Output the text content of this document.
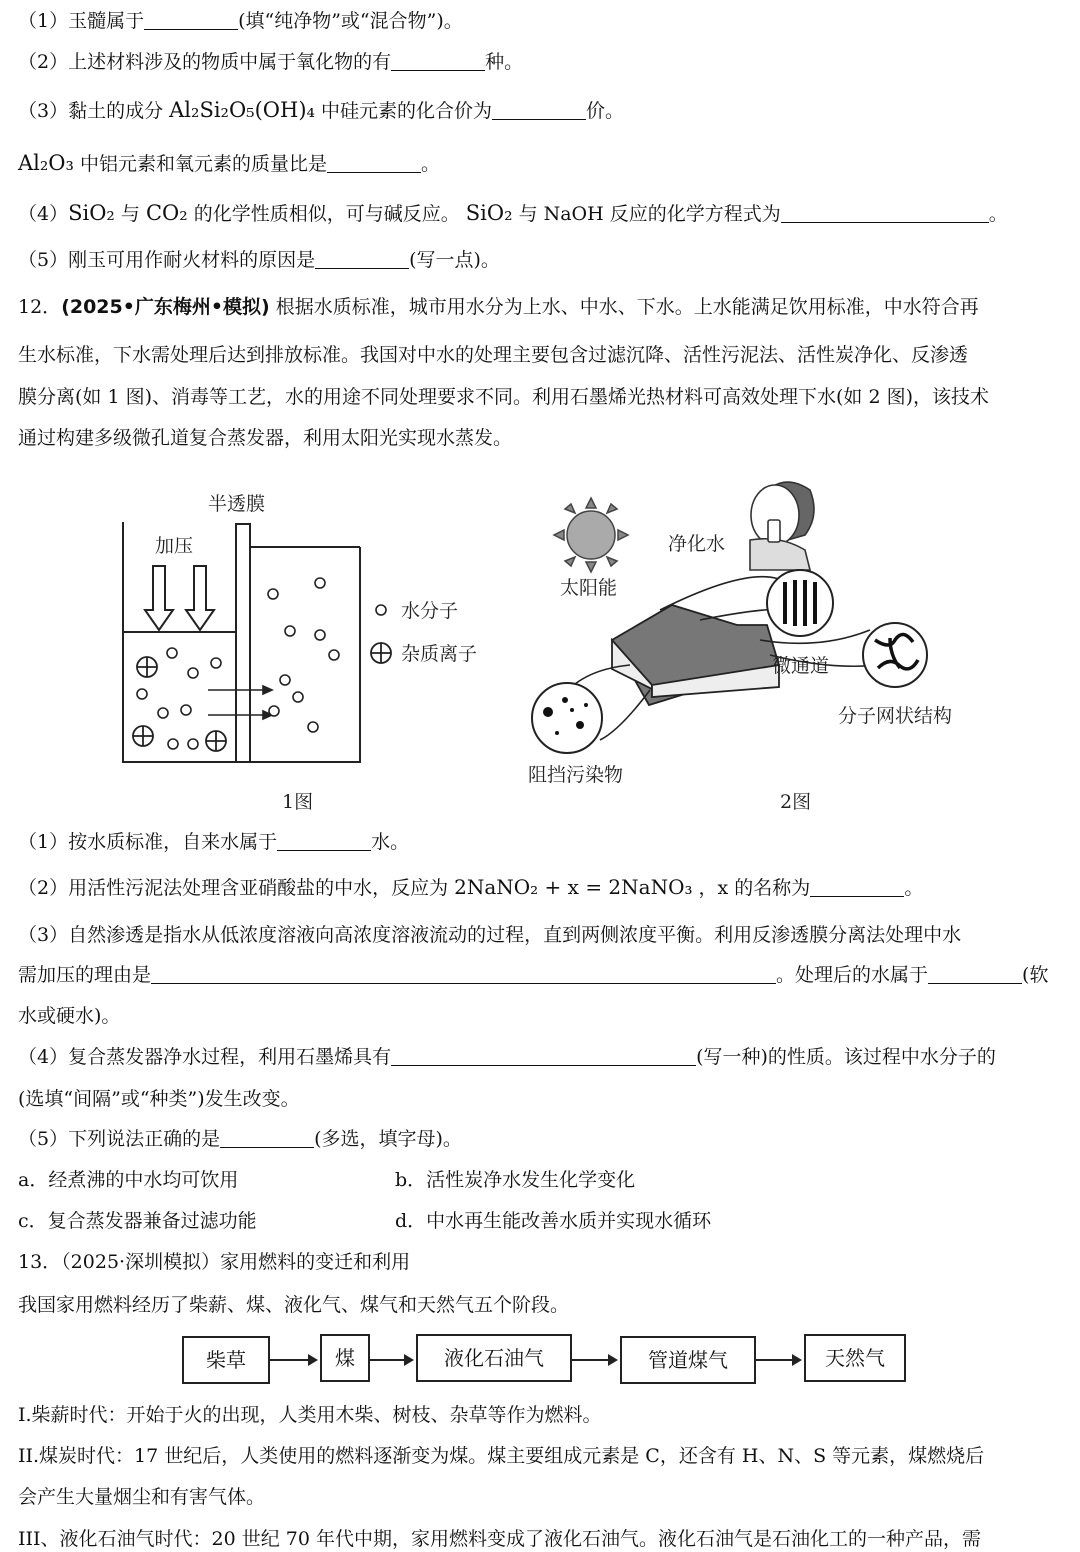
（1）玉髓属于	(填“纯净物”或“混合物”)。
（2）上述材料涉及的物质中属于氧化物的有	种。
（3）黏土的成分 Al₂Si₂O₅(OH)₄ 中硅元素的化合价为	价。
Al₂O₃ 中铝元素和氧元素的质量比是	。
（4）SiO₂ 与 CO₂ 的化学性质相似，可与碱反应。 SiO₂ 与 NaOH 反应的化学方程式为	。
（5）刚玉可用作耐火材料的原因是	(写一点)。
12．(2025•广东梅州•模拟) 根据水质标准，城市用水分为上水、中水、下水。上水能满足饮用标准，中水符合再
生水标准，下水需处理后达到排放标准。我国对中水的处理主要包含过滤沉降、活性污泥法、活性炭净化、反渗透
膜分离(如 1 图)、消毒等工艺，水的用途不同处理要求不同。利用石墨烯光热材料可高效处理下水(如 2 图)，该技术
通过构建多级微孔道复合蒸发器，利用太阳光实现水蒸发。
半透膜
加压
水分子
杂质离子
1图
太阳能
净化水
微通道
分子网状结构
阻挡污染物
2图
（1）按水质标准，自来水属于	水。
（2）用活性污泥法处理含亚硝酸盐的中水，反应为 2NaNO₂ + x = 2NaNO₃ ，x 的名称为	。
（3）自然渗透是指水从低浓度溶液向高浓度溶液流动的过程，直到两侧浓度平衡。利用反渗透膜分离法处理中水
需加压的理由是	。处理后的水属于	(软
水或硬水)。
（4）复合蒸发器净水过程，利用石墨烯具有	(写一种)的性质。该过程中水分子的
(选填“间隔”或“种类”)发生改变。
（5）下列说法正确的是	(多选，填字母)。
a．经煮沸的中水均可饮用	b．活性炭净水发生化学变化
c．复合蒸发器兼备过滤功能	d．中水再生能改善水质并实现水循环
13．（2025·深圳模拟）家用燃料的变迁和利用
我国家用燃料经历了柴薪、煤、液化气、煤气和天然气五个阶段。
柴草	煤	液化石油气	管道煤气	天然气
I.柴薪时代：开始于火的出现，人类用木柴、树枝、杂草等作为燃料。
II.煤炭时代：17 世纪后，人类使用的燃料逐渐变为煤。煤主要组成元素是 C，还含有 H、N、S 等元素，煤燃烧后
会产生大量烟尘和有害气体。
III、液化石油气时代：20 世纪 70 年代中期，家用燃料变成了液化石油气。液化石油气是石油化工的一种产品，需
